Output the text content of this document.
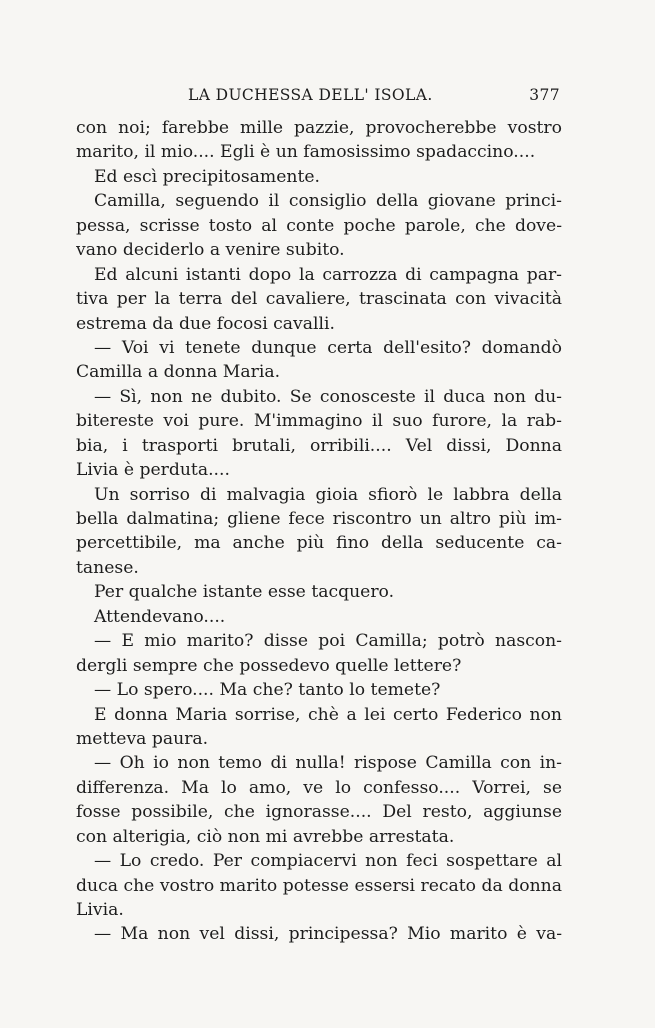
LA DUCHESSA DELL' ISOLA.	377
con noi; farebbe mille pazzie, provocherebbe vostro
marito, il mio.... Egli è un famosissimo spadaccino....
Ed escì precipitosamente.
Camilla, seguendo il consiglio della giovane princi-
pessa, scrisse tosto al conte poche parole, che dove-
vano deciderlo a venire subito.
Ed alcuni istanti dopo la carrozza di campagna par-
tiva per la terra del cavaliere, trascinata con vivacità
estrema da due focosi cavalli.
— Voi vi tenete dunque certa dell'esito? domandò
Camilla a donna Maria.
— Sì, non ne dubito. Se conosceste il duca non du-
bitereste voi pure. M'immagino il suo furore, la rab-
bia, i trasporti brutali, orribili.... Vel dissi, Donna
Livia è perduta....
Un sorriso di malvagia gioia sfiorò le labbra della
bella dalmatina; gliene fece riscontro un altro più im-
percettibile, ma anche più fino della seducente ca-
tanese.
Per qualche istante esse tacquero.
Attendevano....
— E mio marito? disse poi Camilla; potrò nascon-
dergli sempre che possedevo quelle lettere?
— Lo spero.... Ma che? tanto lo temete?
E donna Maria sorrise, chè a lei certo Federico non
metteva paura.
— Oh io non temo di nulla! rispose Camilla con in-
differenza. Ma lo amo, ve lo confesso.... Vorrei, se
fosse possibile, che ignorasse.... Del resto, aggiunse
con alterigia, ciò non mi avrebbe arrestata.
— Lo credo. Per compiacervi non feci sospettare al
duca che vostro marito potesse essersi recato da donna
Livia.
— Ma non vel dissi, principessa? Mio marito è va-
